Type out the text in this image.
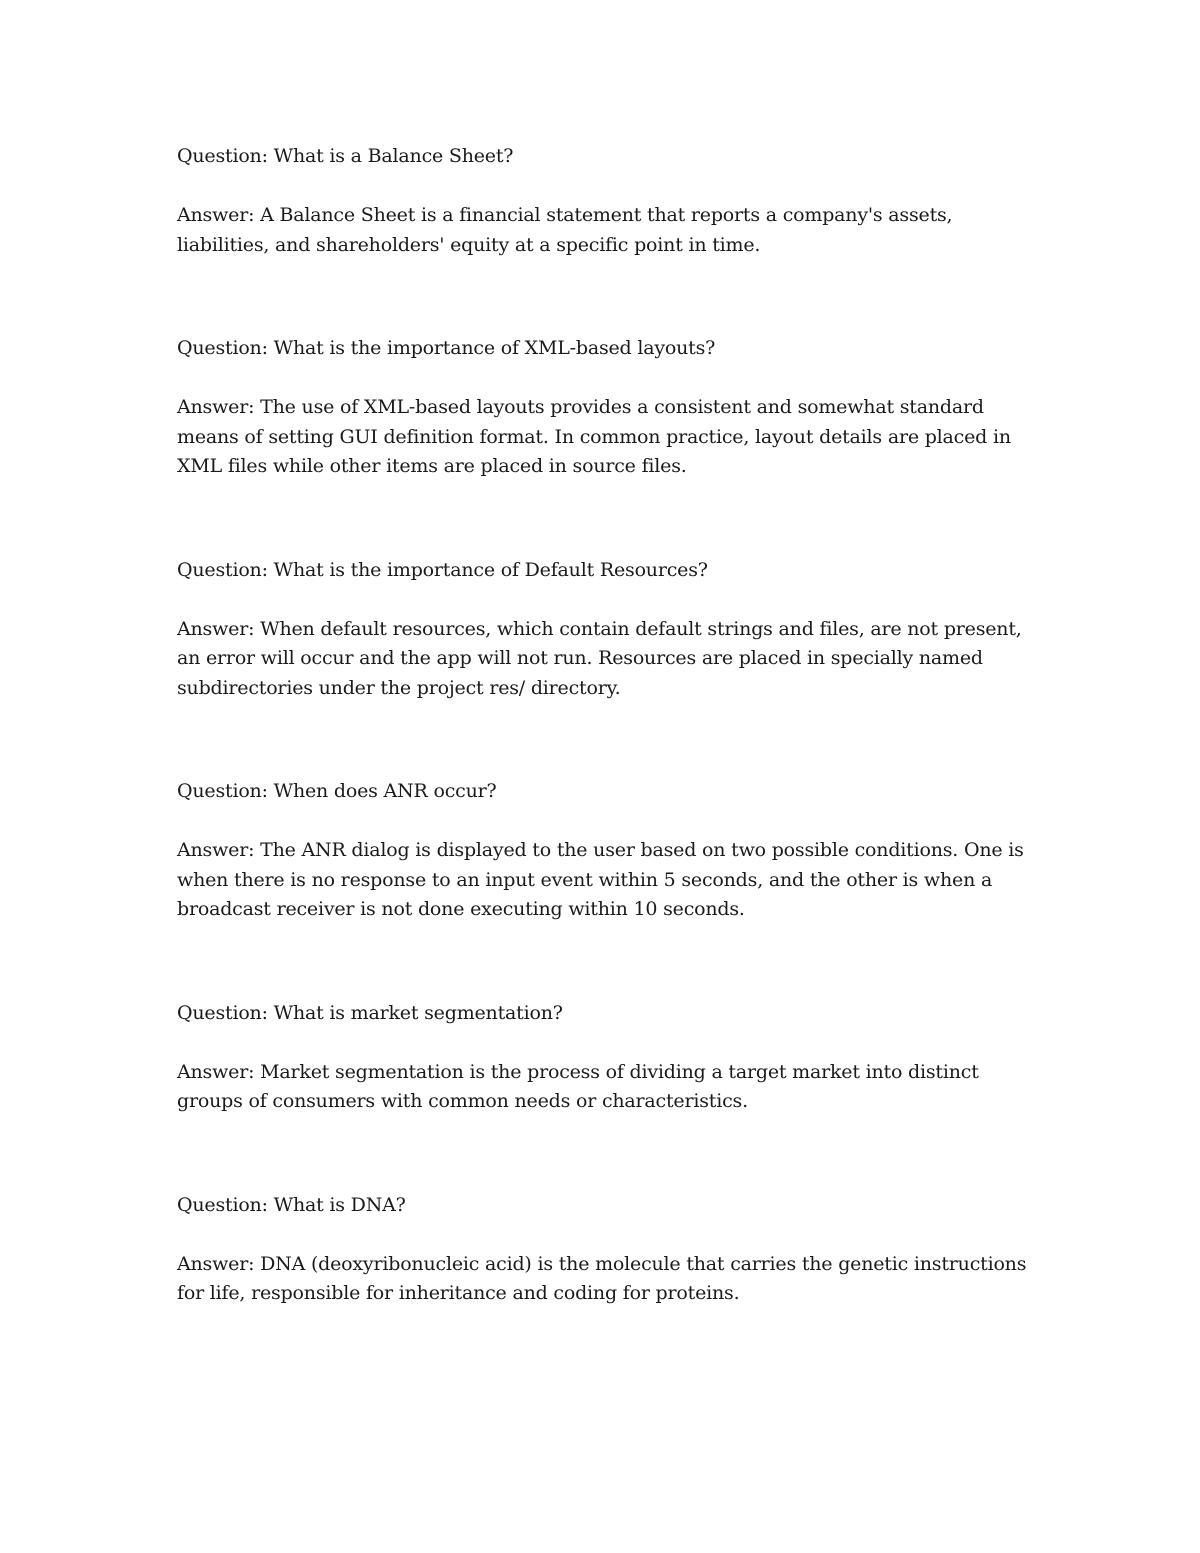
Question: What is a Balance Sheet?

Answer: A Balance Sheet is a financial statement that reports a company's assets, liabilities, and shareholders' equity at a specific point in time.

Question: What is the importance of XML-based layouts?

Answer: The use of XML-based layouts provides a consistent and somewhat standard means of setting GUI definition format. In common practice, layout details are placed in XML files while other items are placed in source files.

Question: What is the importance of Default Resources?

Answer: When default resources, which contain default strings and files, are not present, an error will occur and the app will not run. Resources are placed in specially named subdirectories under the project res/ directory.

Question: When does ANR occur?

Answer: The ANR dialog is displayed to the user based on two possible conditions. One is when there is no response to an input event within 5 seconds, and the other is when a broadcast receiver is not done executing within 10 seconds.

Question: What is market segmentation?

Answer: Market segmentation is the process of dividing a target market into distinct groups of consumers with common needs or characteristics.

Question: What is DNA?

Answer: DNA (deoxyribonucleic acid) is the molecule that carries the genetic instructions for life, responsible for inheritance and coding for proteins.
